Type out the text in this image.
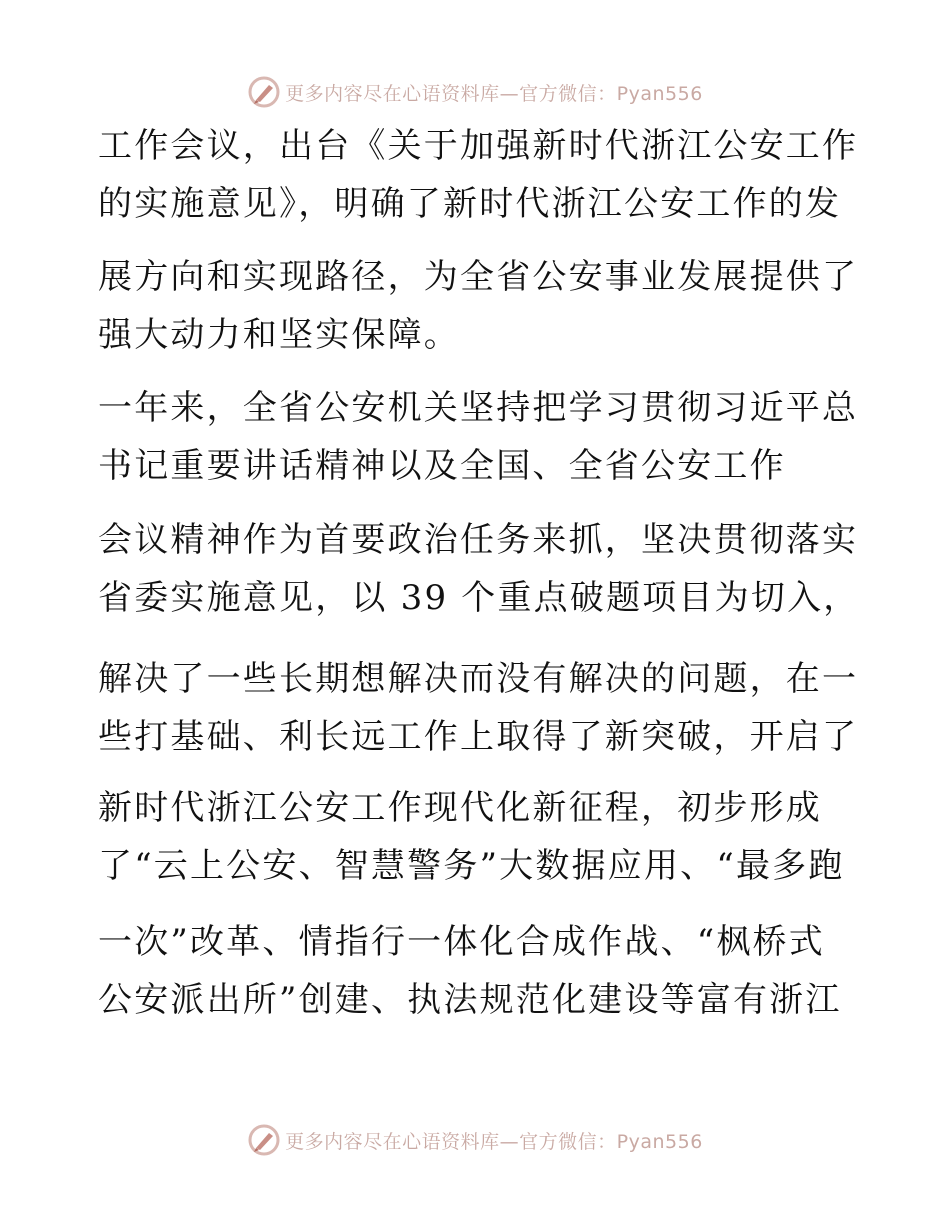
更多内容尽在心语资料库—官方微信：Pyan556
工作会议，出台《关于加强新时代浙江公安工作
的实施意见》，明确了新时代浙江公安工作的发
展方向和实现路径，为全省公安事业发展提供了
强大动力和坚实保障。
一年来，全省公安机关坚持把学习贯彻习近平总
书记重要讲话精神以及全国、全省公安工作
会议精神作为首要政治任务来抓，坚决贯彻落实
省委实施意见，以 39 个重点破题项目为切入，
解决了一些长期想解决而没有解决的问题，在一
些打基础、利长远工作上取得了新突破，开启了
新时代浙江公安工作现代化新征程，初步形成
了“云上公安、智慧警务”大数据应用、“最多跑
一次”改革、情指行一体化合成作战、“枫桥式
公安派出所”创建、执法规范化建设等富有浙江
更多内容尽在心语资料库—官方微信：Pyan556
